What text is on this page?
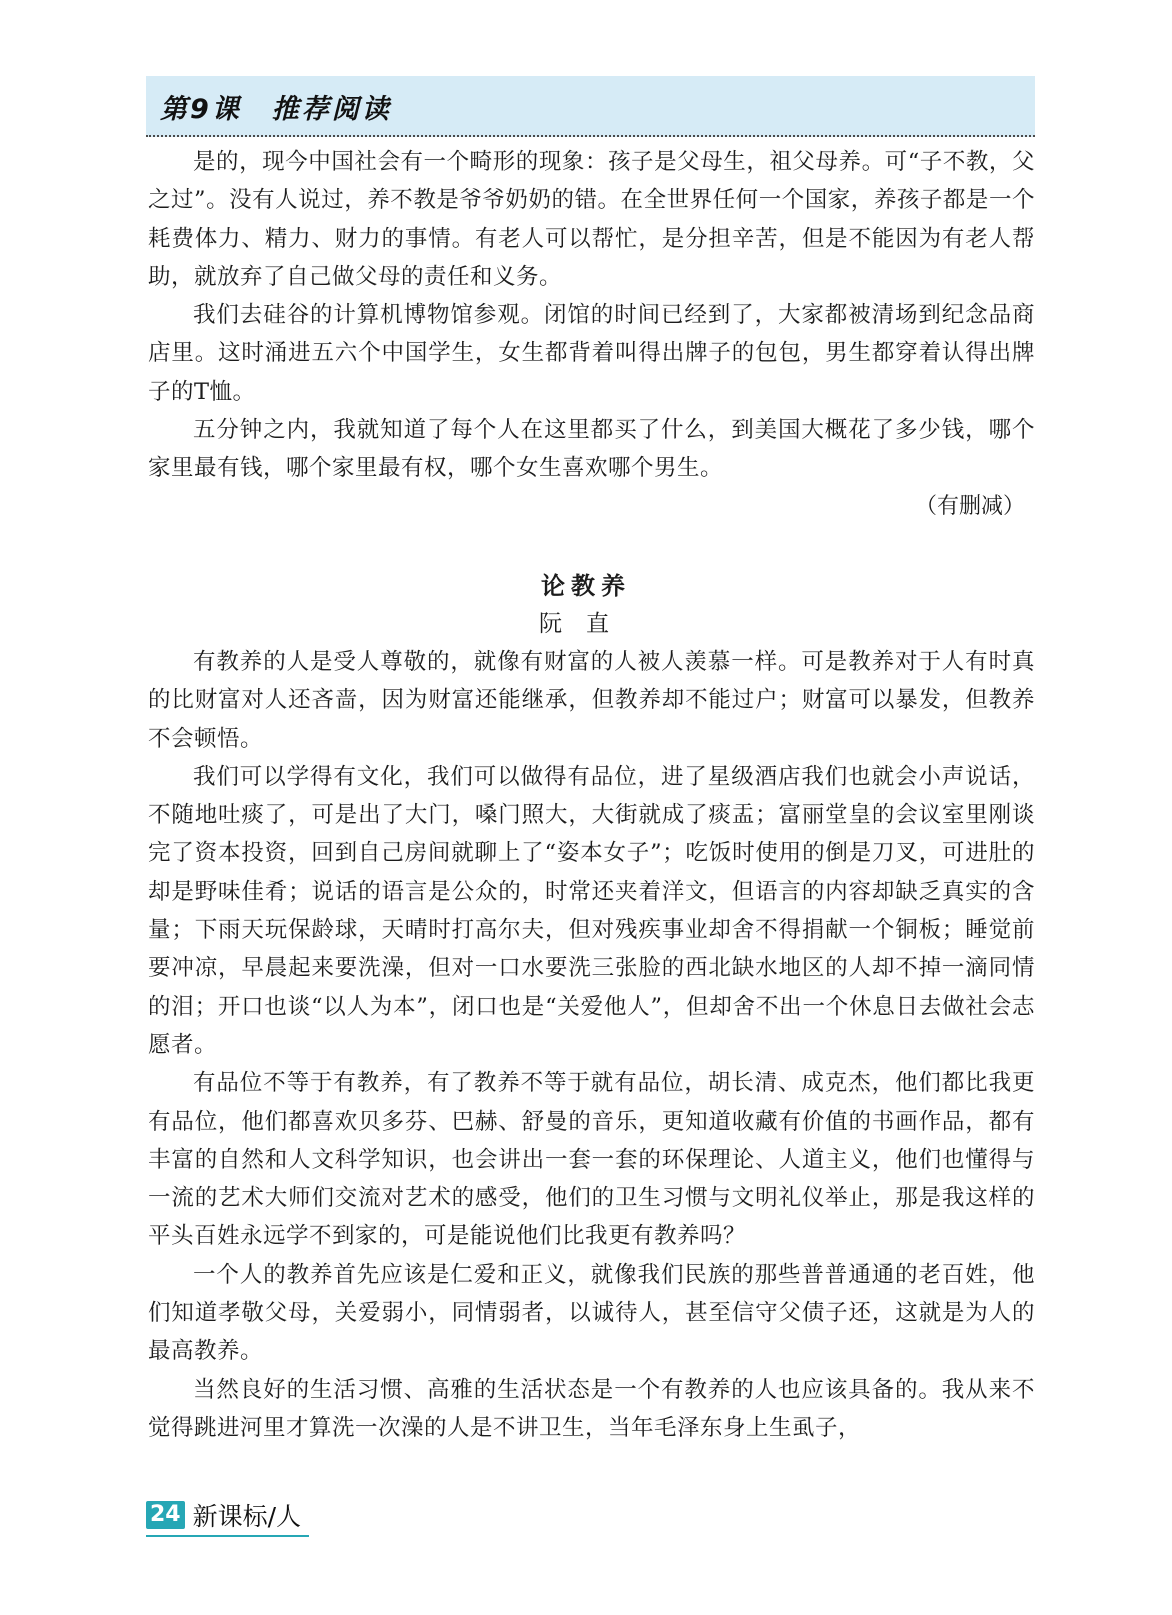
第9课 推荐阅读

是的，现今中国社会有一个畸形的现象：孩子是父母生，祖父母养。可“子不教，父之过”。没有人说过，养不教是爷爷奶奶的错。在全世界任何一个国家，养孩子都是一个耗费体力、精力、财力的事情。有老人可以帮忙，是分担辛苦，但是不能因为有老人帮助，就放弃了自己做父母的责任和义务。

我们去硅谷的计算机博物馆参观。闭馆的时间已经到了，大家都被清场到纪念品商店里。这时涌进五六个中国学生，女生都背着叫得出牌子的包包，男生都穿着认得出牌子的T恤。

五分钟之内，我就知道了每个人在这里都买了什么，到美国大概花了多少钱，哪个家里最有钱，哪个家里最有权，哪个女生喜欢哪个男生。

（有删减）
论教养
阮直

有教养的人是受人尊敬的，就像有财富的人被人羡慕一样。可是教养对于人有时真的比财富对人还吝啬，因为财富还能继承，但教养却不能过户；财富可以暴发，但教养不会顿悟。

我们可以学得有文化，我们可以做得有品位，进了星级酒店我们也就会小声说话，不随地吐痰了，可是出了大门，嗓门照大，大街就成了痰盂；富丽堂皇的会议室里刚谈完了资本投资，回到自己房间就聊上了“姿本女子”；吃饭时使用的倒是刀叉，可进肚的却是野味佳肴；说话的语言是公众的，时常还夹着洋文，但语言的内容却缺乏真实的含量；下雨天玩保龄球，天晴时打高尔夫，但对残疾事业却舍不得捐献一个铜板；睡觉前要冲凉，早晨起来要洗澡，但对一口水要洗三张脸的西北缺水地区的人却不掉一滴同情的泪；开口也谈“以人为本”，闭口也是“关爱他人”，但却舍不出一个休息日去做社会志愿者。

有品位不等于有教养，有了教养不等于就有品位，胡长清、成克杰，他们都比我更有品位，他们都喜欢贝多芬、巴赫、舒曼的音乐，更知道收藏有价值的书画作品，都有丰富的自然和人文科学知识，也会讲出一套一套的环保理论、人道主义，他们也懂得与一流的艺术大师们交流对艺术的感受，他们的卫生习惯与文明礼仪举止，那是我这样的平头百姓永远学不到家的，可是能说他们比我更有教养吗？

一个人的教养首先应该是仁爱和正义，就像我们民族的那些普普通通的老百姓，他们知道孝敬父母，关爱弱小，同情弱者，以诚待人，甚至信守父债子还，这就是为人的最高教养。

当然良好的生活习惯、高雅的生活状态是一个有教养的人也应该具备的。我从来不觉得跳进河里才算洗一次澡的人是不讲卫生，当年毛泽东身上生虱子，

24 新课标/人
